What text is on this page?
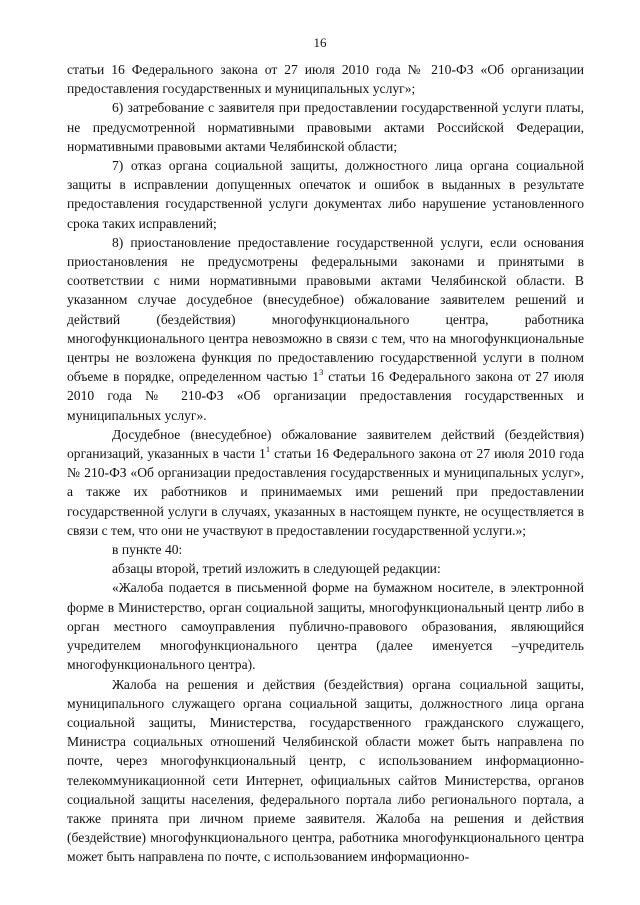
16

статьи 16 Федерального закона от 27 июля 2010 года № 210-ФЗ «Об организации предоставления государственных и муниципальных услуг»;

6) затребование с заявителя при предоставлении государственной услуги платы, не предусмотренной нормативными правовыми актами Российской Федерации, нормативными правовыми актами Челябинской области;

7) отказ органа социальной защиты, должностного лица органа социальной защиты в исправлении допущенных опечаток и ошибок в выданных в результате предоставления государственной услуги документах либо нарушение установленного срока таких исправлений;

8) приостановление предоставление государственной услуги, если основания приостановления не предусмотрены федеральными законами и принятыми в соответствии с ними нормативными правовыми актами Челябинской области. В указанном случае досудебное (внесудебное) обжалование заявителем решений и действий (бездействия) многофункционального центра, работника многофункционального центра невозможно в связи с тем, что на многофункциональные центры не возложена функция по предоставлению государственной услуги в полном объеме в порядке, определенном частью $1^3$ статьи 16 Федерального закона от 27 июля 2010 года № 210-ФЗ «Об организации предоставления государственных и муниципальных услуг».

Досудебное (внесудебное) обжалование заявителем действий (бездействия) организаций, указанных в части $1^1$ статьи 16 Федерального закона от 27 июля 2010 года № 210-ФЗ «Об организации предоставления государственных и муниципальных услуг», а также их работников и принимаемых ими решений при предоставлении государственной услуги в случаях, указанных в настоящем пункте, не осуществляется в связи с тем, что они не участвуют в предоставлении государственной услуги.»;

в пункте 40:

абзацы второй, третий изложить в следующей редакции:

«Жалоба подается в письменной форме на бумажном носителе, в электронной форме в Министерство, орган социальной защиты, многофункциональный центр либо в орган местного самоуправления публично-правового образования, являющийся учредителем многофункционального центра (далее именуется –учредитель многофункционального центра).

Жалоба на решения и действия (бездействия) органа социальной защиты, муниципального служащего органа социальной защиты, должностного лица органа социальной защиты, Министерства, государственного гражданского служащего, Министра социальных отношений Челябинской области может быть направлена по почте, через многофункциональный центр, с использованием информационно-телекоммуникационной сети Интернет, официальных сайтов Министерства, органов социальной защиты населения, федерального портала либо регионального портала, а также принята при личном приеме заявителя. Жалоба на решения и действия (бездействие) многофункционального центра, работника многофункционального центра может быть направлена по почте, с использованием информационно-
